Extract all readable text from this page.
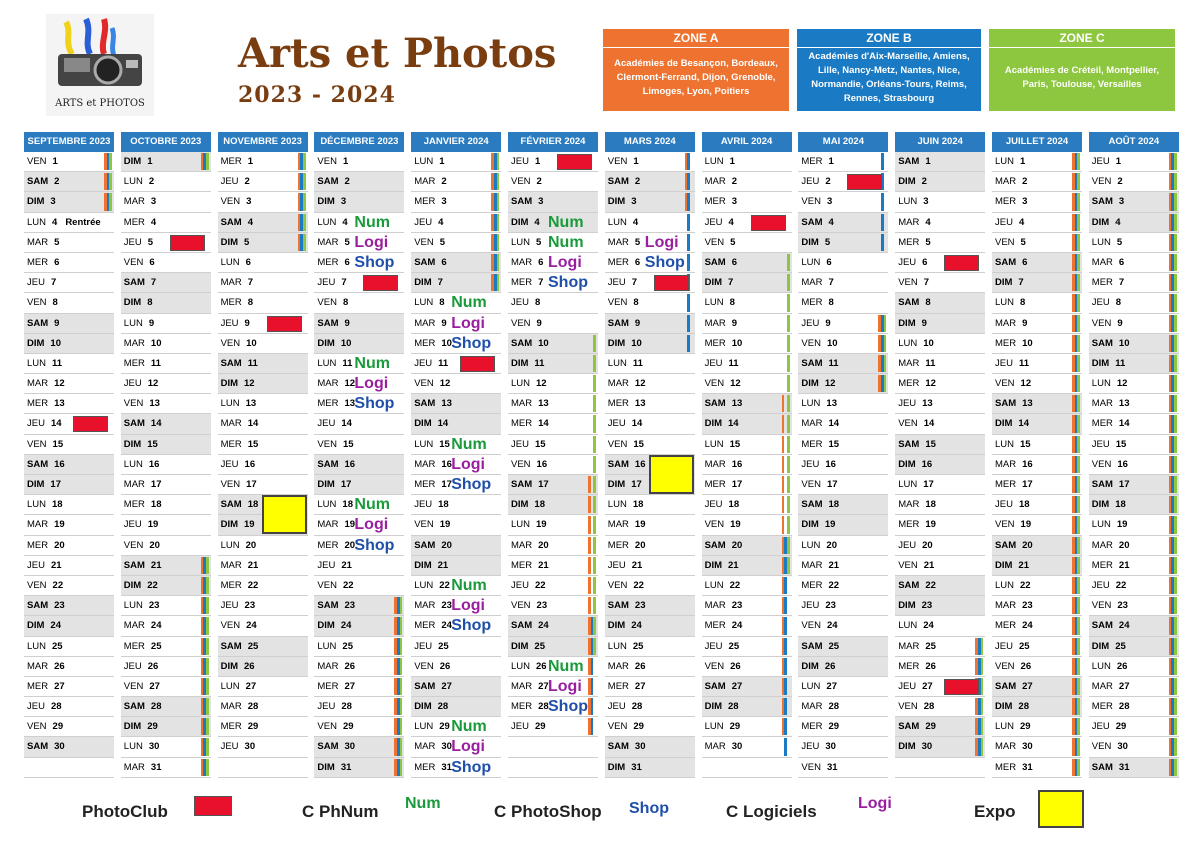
ARTS et PHOTOS
Arts et Photos
2023 - 2024
ZONE A
Académies de Besançon, Bordeaux, Clermont-Ferrand, Dijon, Grenoble, Limoges, Lyon, Poitiers
ZONE B
Académies d'Aix-Marseille, Amiens, Lille, Nancy-Metz, Nantes, Nice, Normandie, Orléans-Tours, Reims, Rennes, Strasbourg
ZONE C
Académies de Créteil, Montpellier, Paris, Toulouse, Versailles
SEPTEMBRE 2023
VEN 1
SAM 2
DIM 3
LUN 4 Rentrée
MAR 5
MER 6
JEU 7
VEN 8
SAM 9
DIM 10
LUN 11
MAR 12
MER 13
JEU 14
VEN 15
SAM 16
DIM 17
LUN 18
MAR 19
MER 20
JEU 21
VEN 22
SAM 23
DIM 24
LUN 25
MAR 26
MER 27
JEU 28
VEN 29
SAM 30
OCTOBRE 2023
DIM 1
LUN 2
MAR 3
MER 4
JEU 5
VEN 6
SAM 7
DIM 8
LUN 9
MAR 10
MER 11
JEU 12
VEN 13
SAM 14
DIM 15
LUN 16
MAR 17
MER 18
JEU 19
VEN 20
SAM 21
DIM 22
LUN 23
MAR 24
MER 25
JEU 26
VEN 27
SAM 28
DIM 29
LUN 30
MAR 31
NOVEMBRE 2023
MER 1
JEU 2
VEN 3
SAM 4
DIM 5
LUN 6
MAR 7
MER 8
JEU 9
VEN 10
SAM 11
DIM 12
LUN 13
MAR 14
MER 15
JEU 16
VEN 17
SAM 18
DIM 19
LUN 20
MAR 21
MER 22
JEU 23
VEN 24
SAM 25
DIM 26
LUN 27
MAR 28
MER 29
JEU 30
DÉCEMBRE 2023
VEN 1
SAM 2
DIM 3
LUN 4 Num
MAR 5 Logi
MER 6 Shop
JEU 7
VEN 8
SAM 9
DIM 10
LUN 11 Num
MAR 12 Logi
MER 13 Shop
JEU 14
VEN 15
SAM 16
DIM 17
LUN 18 Num
MAR 19 Logi
MER 20 Shop
JEU 21
VEN 22
SAM 23
DIM 24
LUN 25
MAR 26
MER 27
JEU 28
VEN 29
SAM 30
DIM 31
JANVIER 2024
LUN 1
MAR 2
MER 3
JEU 4
VEN 5
SAM 6
DIM 7
LUN 8 Num
MAR 9 Logi
MER 10 Shop
JEU 11
VEN 12
SAM 13
DIM 14
LUN 15 Num
MAR 16 Logi
MER 17 Shop
JEU 18
VEN 19
SAM 20
DIM 21
LUN 22 Num
MAR 23 Logi
MER 24 Shop
JEU 25
VEN 26
SAM 27
DIM 28
LUN 29 Num
MAR 30 Logi
MER 31 Shop
FÉVRIER 2024
JEU 1
VEN 2
SAM 3
DIM 4 Num
LUN 5 Num
MAR 6 Logi
MER 7 Shop
JEU 8
VEN 9
SAM 10
DIM 11
LUN 12
MAR 13
MER 14
JEU 15
VEN 16
SAM 17
DIM 18
LUN 19
MAR 20
MER 21
JEU 22
VEN 23
SAM 24
DIM 25
LUN 26 Num
MAR 27 Logi
MER 28 Shop
JEU 29
MARS 2024
VEN 1
SAM 2
DIM 3
LUN 4
MAR 5 Logi
MER 6 Shop
JEU 7
VEN 8
SAM 9
DIM 10
LUN 11
MAR 12
MER 13
JEU 14
VEN 15
SAM 16
DIM 17
LUN 18
MAR 19
MER 20
JEU 21
VEN 22
SAM 23
DIM 24
LUN 25
MAR 26
MER 27
JEU 28
VEN 29
SAM 30
DIM 31
AVRIL 2024
LUN 1
MAR 2
MER 3
JEU 4
VEN 5
SAM 6
DIM 7
LUN 8
MAR 9
MER 10
JEU 11
VEN 12
SAM 13
DIM 14
LUN 15
MAR 16
MER 17
JEU 18
VEN 19
SAM 20
DIM 21
LUN 22
MAR 23
MER 24
JEU 25
VEN 26
SAM 27
DIM 28
LUN 29
MAR 30
MAI 2024
MER 1
JEU 2
VEN 3
SAM 4
DIM 5
LUN 6
MAR 7
MER 8
JEU 9
VEN 10
SAM 11
DIM 12
LUN 13
MAR 14
MER 15
JEU 16
VEN 17
SAM 18
DIM 19
LUN 20
MAR 21
MER 22
JEU 23
VEN 24
SAM 25
DIM 26
LUN 27
MAR 28
MER 29
JEU 30
VEN 31
JUIN 2024
SAM 1
DIM 2
LUN 3
MAR 4
MER 5
JEU 6
VEN 7
SAM 8
DIM 9
LUN 10
MAR 11
MER 12
JEU 13
VEN 14
SAM 15
DIM 16
LUN 17
MAR 18
MER 19
JEU 20
VEN 21
SAM 22
DIM 23
LUN 24
MAR 25
MER 26
JEU 27
VEN 28
SAM 29
DIM 30
JUILLET 2024
LUN 1
MAR 2
MER 3
JEU 4
VEN 5
SAM 6
DIM 7
LUN 8
MAR 9
MER 10
JEU 11
VEN 12
SAM 13
DIM 14
LUN 15
MAR 16
MER 17
JEU 18
VEN 19
SAM 20
DIM 21
LUN 22
MAR 23
MER 24
JEU 25
VEN 26
SAM 27
DIM 28
LUN 29
MAR 30
MER 31
AOÛT 2024
JEU 1
VEN 2
SAM 3
DIM 4
LUN 5
MAR 6
MER 7
JEU 8
VEN 9
SAM 10
DIM 11
LUN 12
MAR 13
MER 14
JEU 15
VEN 16
SAM 17
DIM 18
LUN 19
MAR 20
MER 21
JEU 22
VEN 23
SAM 24
DIM 25
LUN 26
MAR 27
MER 28
JEU 29
VEN 30
SAM 31
PhotoClub	C PhNum Num	C PhotoShop Shop	C Logiciels	Logi	Expo
